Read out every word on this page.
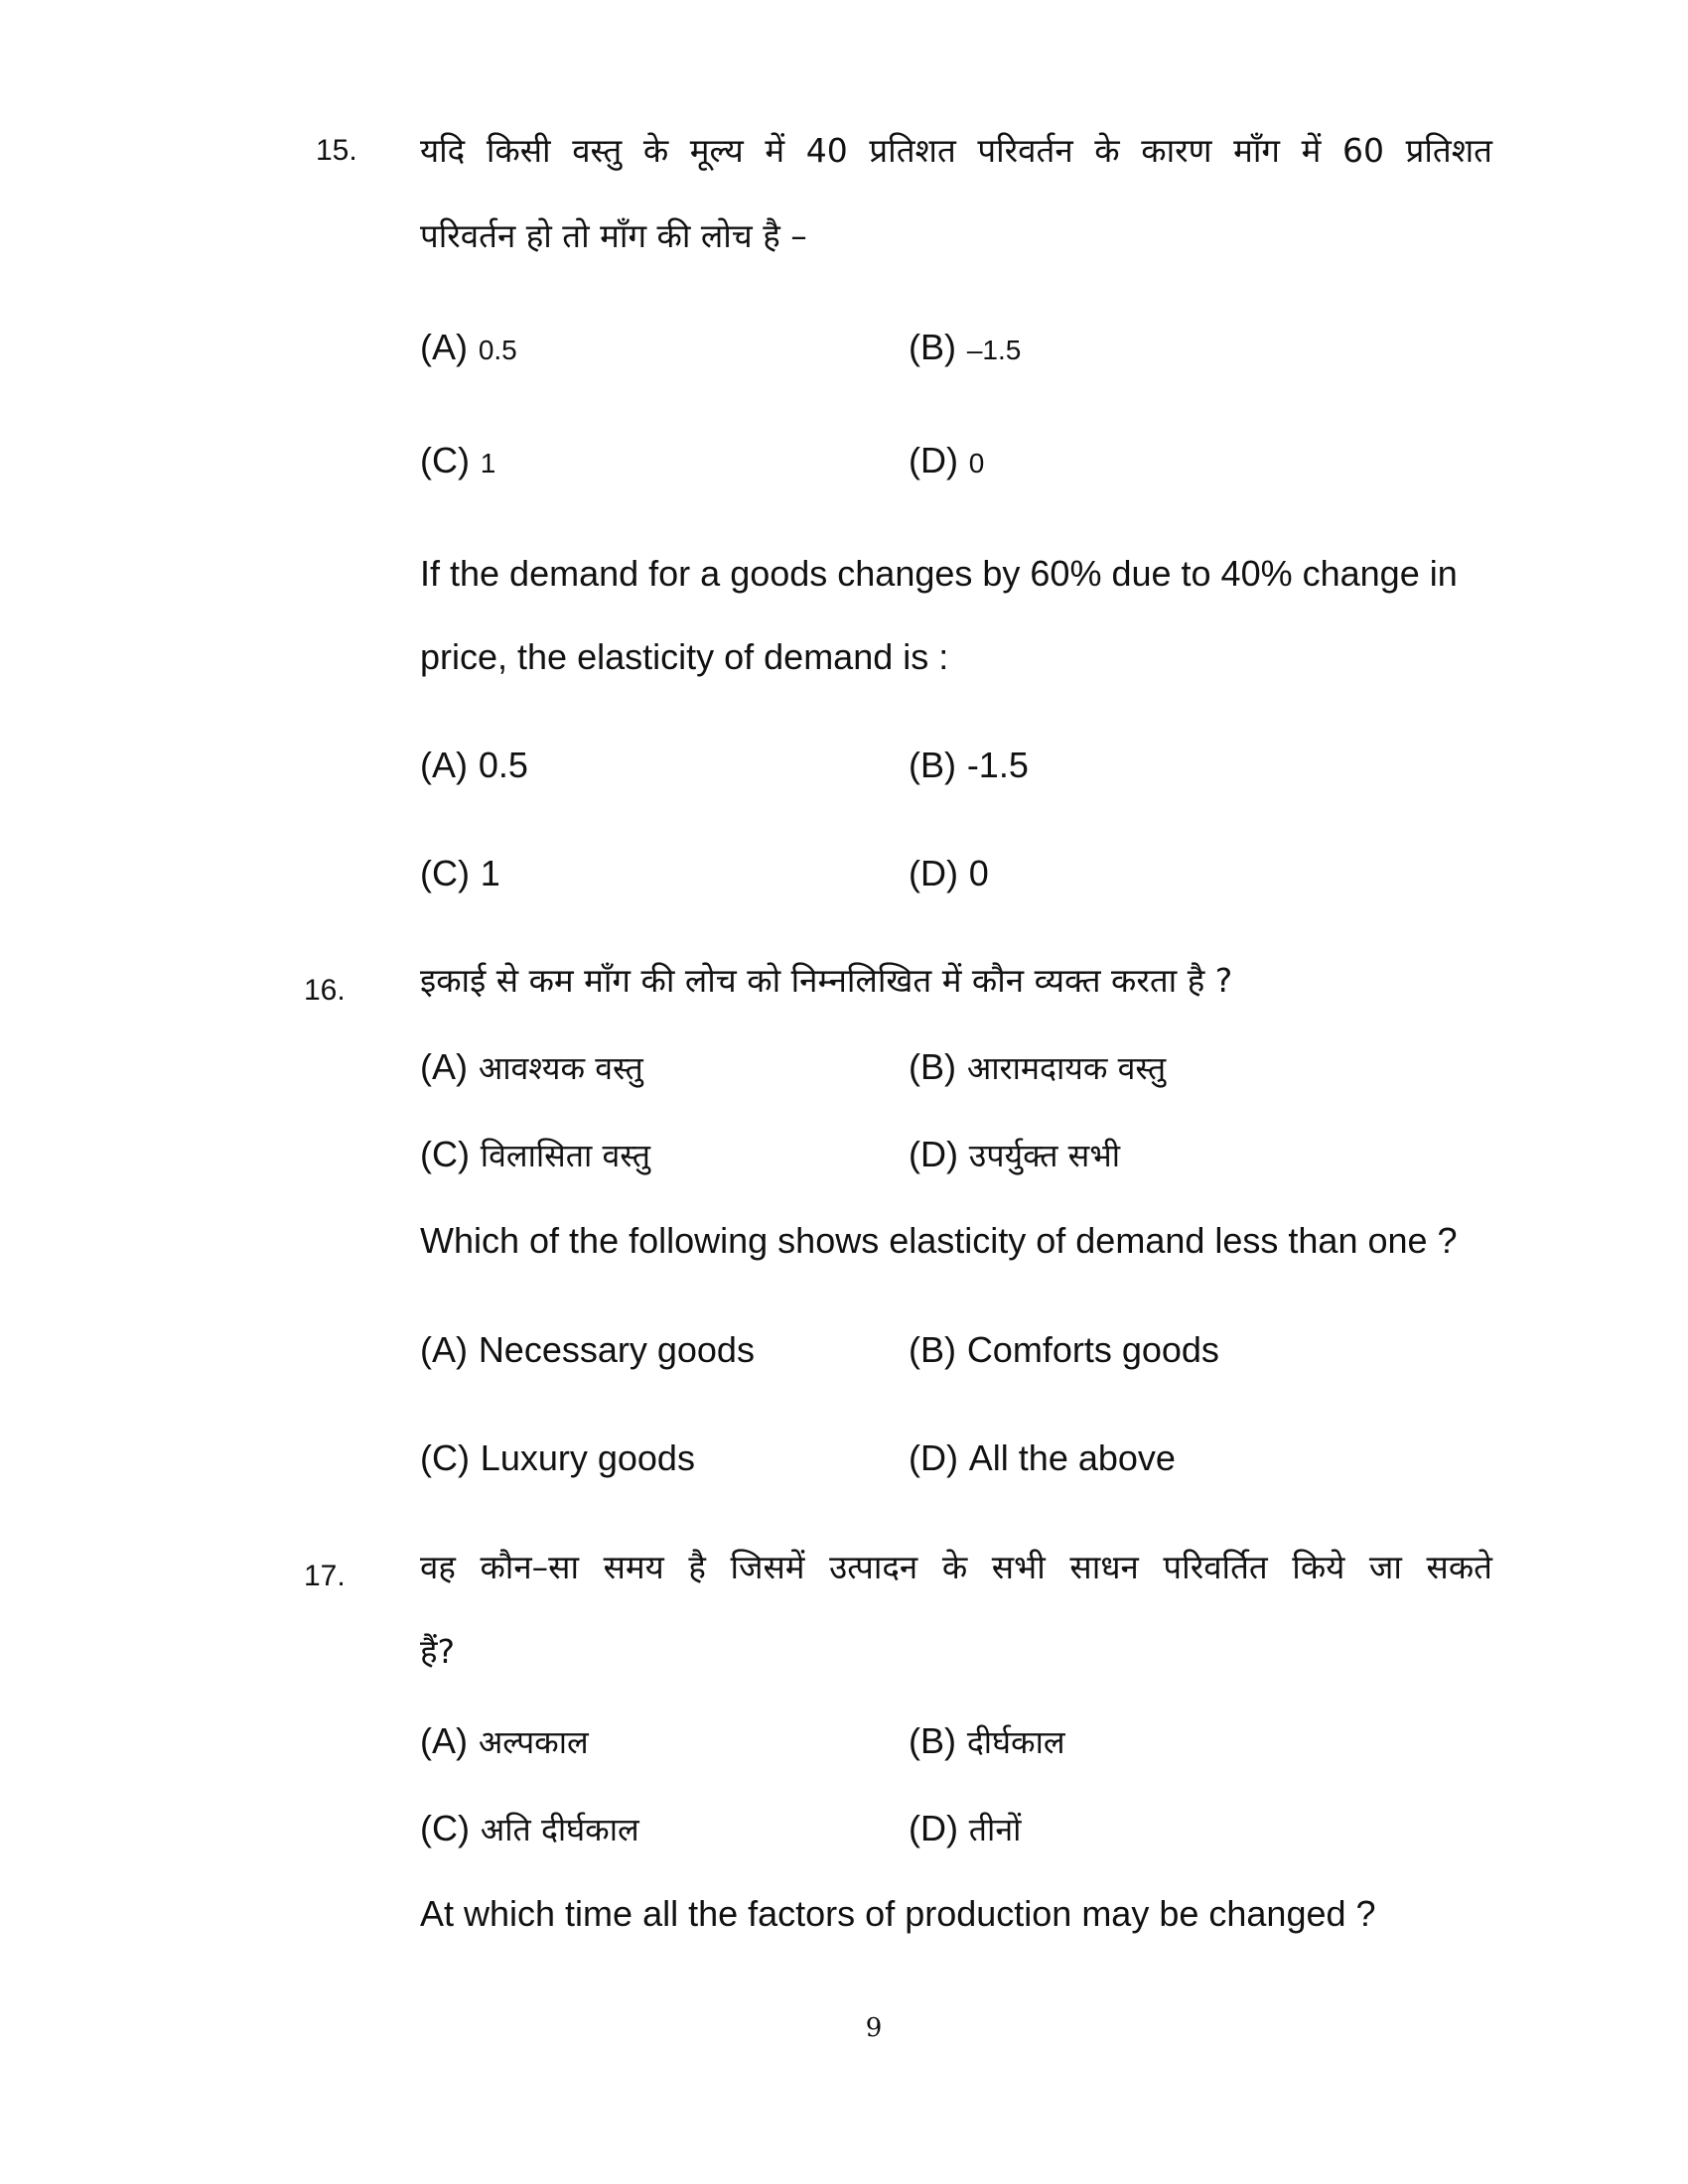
15. यदि किसी वस्तु के मूल्य में 40 प्रतिशत परिवर्तन के कारण माँग में 60 प्रतिशत
परिवर्तन हो तो माँग की लोच है –
(A) 0.5	(B) –1.5
(C) 1	(D) 0
If the demand for a goods changes by 60% due to 40% change in
price, the elasticity of demand is :
(A) 0.5	(B) -1.5
(C) 1	(D) 0
16. इकाई से कम माँग की लोच को निम्नलिखित में कौन व्यक्त करता है ?
(A) आवश्यक वस्तु	(B) आरामदायक वस्तु
(C) विलासिता वस्तु	(D) उपर्युक्त सभी
Which of the following shows elasticity of demand less than one ?
(A) Necessary goods	(B) Comforts goods
(C) Luxury goods	(D) All the above
17. वह कौन–सा समय है जिसमें उत्पादन के सभी साधन परिवर्तित किये जा सकते
हैं?
(A) अल्पकाल	(B) दीर्घकाल
(C) अति दीर्घकाल	(D) तीनों
At which time all the factors of production may be changed ?
9
